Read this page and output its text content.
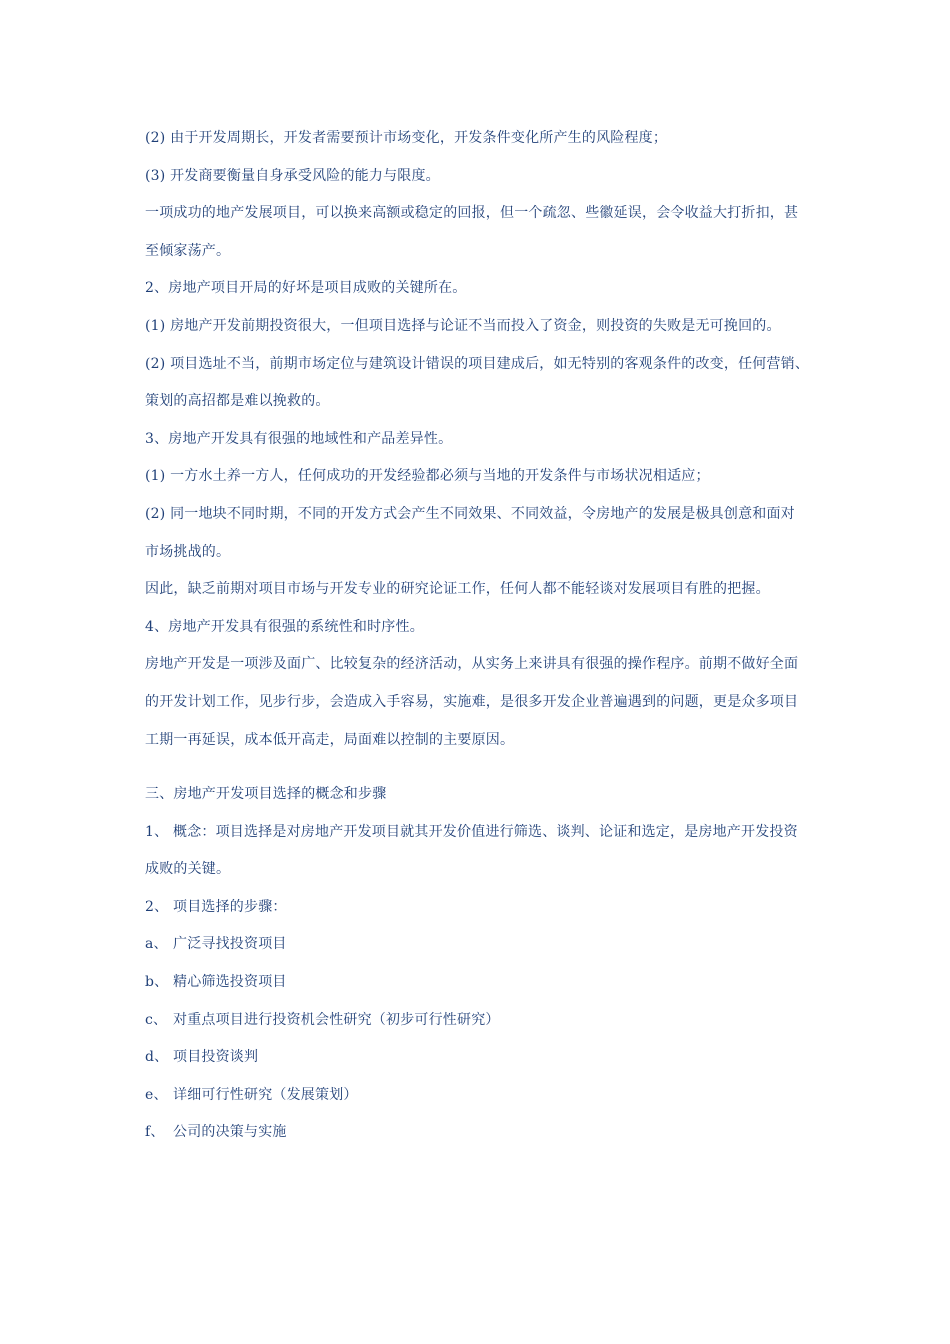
(2) 由于开发周期长，开发者需要预计市场变化，开发条件变化所产生的风险程度；

(3) 开发商要衡量自身承受风险的能力与限度。

一项成功的地产发展项目，可以换来高额或稳定的回报，但一个疏忽、些徽延误，会令收益大打折扣，甚

至倾家荡产。

2、房地产项目开局的好坏是项目成败的关键所在。

(1) 房地产开发前期投资很大，一但项目选择与论证不当而投入了资金，则投资的失败是无可挽回的。

(2) 项目选址不当，前期市场定位与建筑设计错误的项目建成后，如无特别的客观条件的改变，任何营销、

策划的高招都是难以挽救的。

3、房地产开发具有很强的地域性和产品差异性。

(1) 一方水土养一方人，任何成功的开发经验都必须与当地的开发条件与市场状况相适应；

(2) 同一地块不同时期，不同的开发方式会产生不同效果、不同效益，令房地产的发展是极具创意和面对

市场挑战的。

因此，缺乏前期对项目市场与开发专业的研究论证工作，任何人都不能轻谈对发展项目有胜的把握。

4、房地产开发具有很强的系统性和时序性。

房地产开发是一项涉及面广、比较复杂的经济活动，从实务上来讲具有很强的操作程序。前期不做好全面

的开发计划工作，见步行步，会造成入手容易，实施难，是很多开发企业普遍遇到的问题，更是众多项目

工期一再延误，成本低开高走，局面难以控制的主要原因。

三、房地产开发项目选择的概念和步骤

1、 概念：项目选择是对房地产开发项目就其开发价值进行筛选、谈判、论证和选定，是房地产开发投资

成败的关键。

2、 项目选择的步骤：

a、 广泛寻找投资项目

b、 精心筛选投资项目

c、 对重点项目进行投资机会性研究（初步可行性研究）

d、 项目投资谈判

e、 详细可行性研究（发展策划）

f、 公司的决策与实施
